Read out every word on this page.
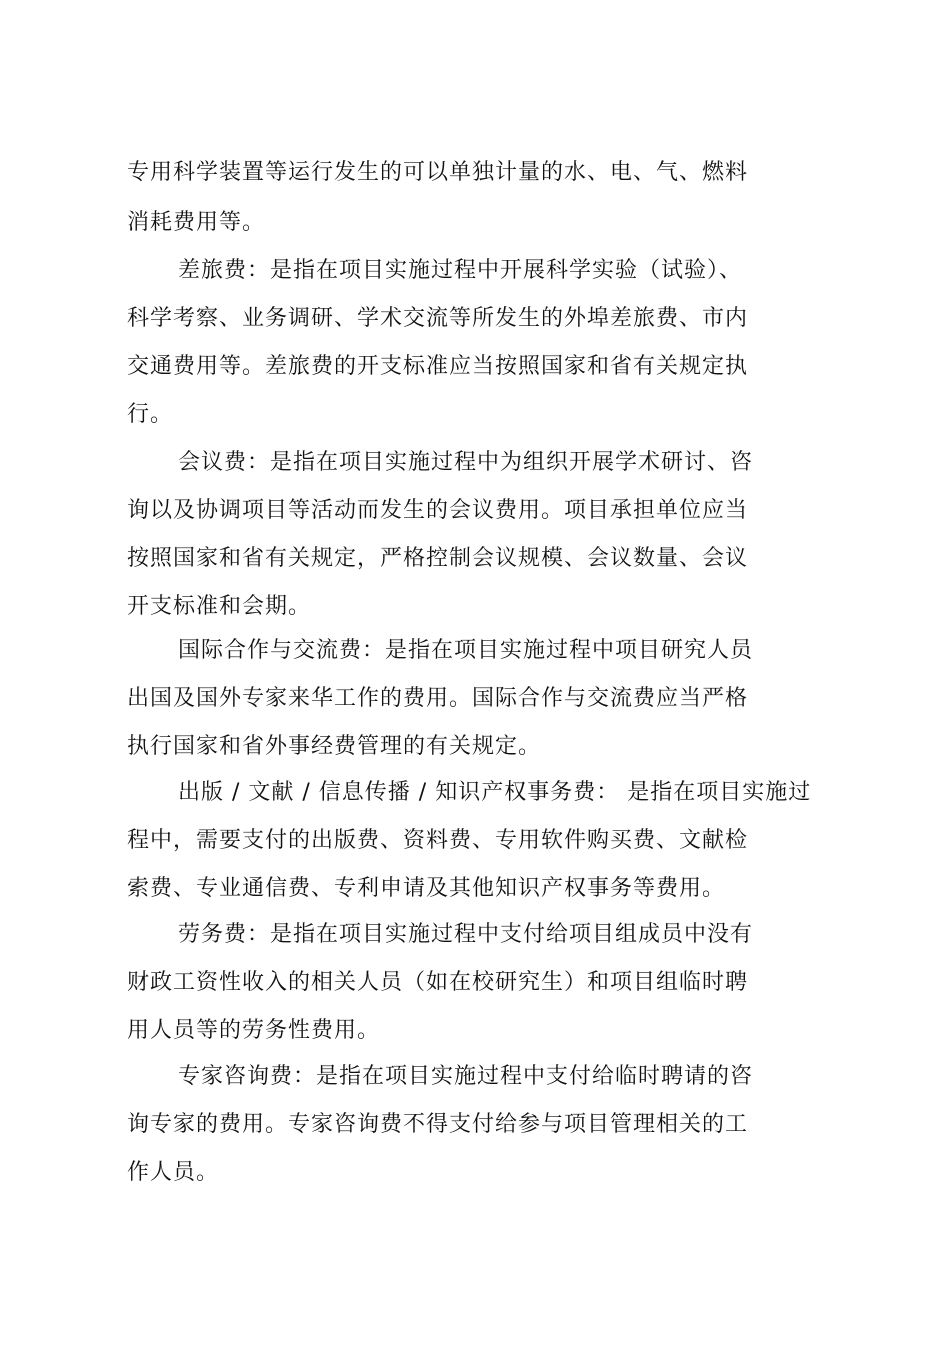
专用科学装置等运行发生的可以单独计量的水、电、气、燃料
消耗费用等。
差旅费：是指在项目实施过程中开展科学实验（试验）、
科学考察、业务调研、学术交流等所发生的外埠差旅费、市内
交通费用等。差旅费的开支标准应当按照国家和省有关规定执
行。
会议费：是指在项目实施过程中为组织开展学术研讨、咨
询以及协调项目等活动而发生的会议费用。项目承担单位应当
按照国家和省有关规定，严格控制会议规模、会议数量、会议
开支标准和会期。
国际合作与交流费：是指在项目实施过程中项目研究人员
出国及国外专家来华工作的费用。国际合作与交流费应当严格
执行国家和省外事经费管理的有关规定。
出版 / 文献 / 信息传播 / 知识产权事务费： 是指在项目实施过
程中，需要支付的出版费、资料费、专用软件购买费、文献检
索费、专业通信费、专利申请及其他知识产权事务等费用。
劳务费：是指在项目实施过程中支付给项目组成员中没有
财政工资性收入的相关人员（如在校研究生）和项目组临时聘
用人员等的劳务性费用。
专家咨询费：是指在项目实施过程中支付给临时聘请的咨
询专家的费用。专家咨询费不得支付给参与项目管理相关的工
作人员。
